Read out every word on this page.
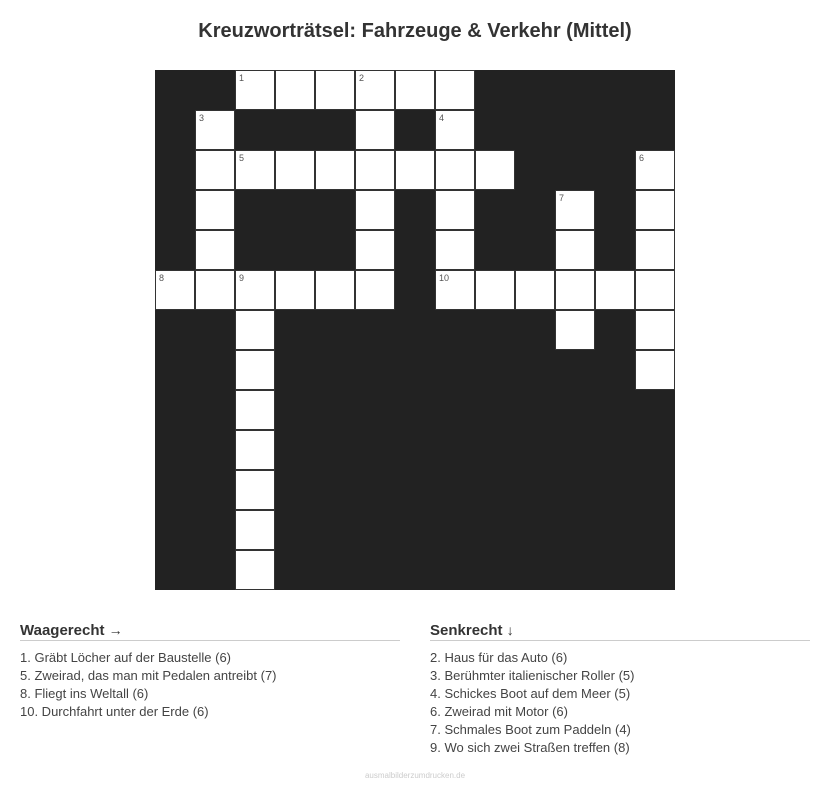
Kreuzworträtsel: Fahrzeuge & Verkehr (Mittel)
1	2
3	4
5	6
7
8	9	10
Waagerecht →
1. Gräbt Löcher auf der Baustelle (6)
5. Zweirad, das man mit Pedalen antreibt (7)
8. Fliegt ins Weltall (6)
10. Durchfahrt unter der Erde (6)
Senkrecht ↓
2. Haus für das Auto (6)
3. Berühmter italienischer Roller (5)
4. Schickes Boot auf dem Meer (5)
6. Zweirad mit Motor (6)
7. Schmales Boot zum Paddeln (4)
9. Wo sich zwei Straßen treffen (8)
ausmalbilderzumdrucken.de
